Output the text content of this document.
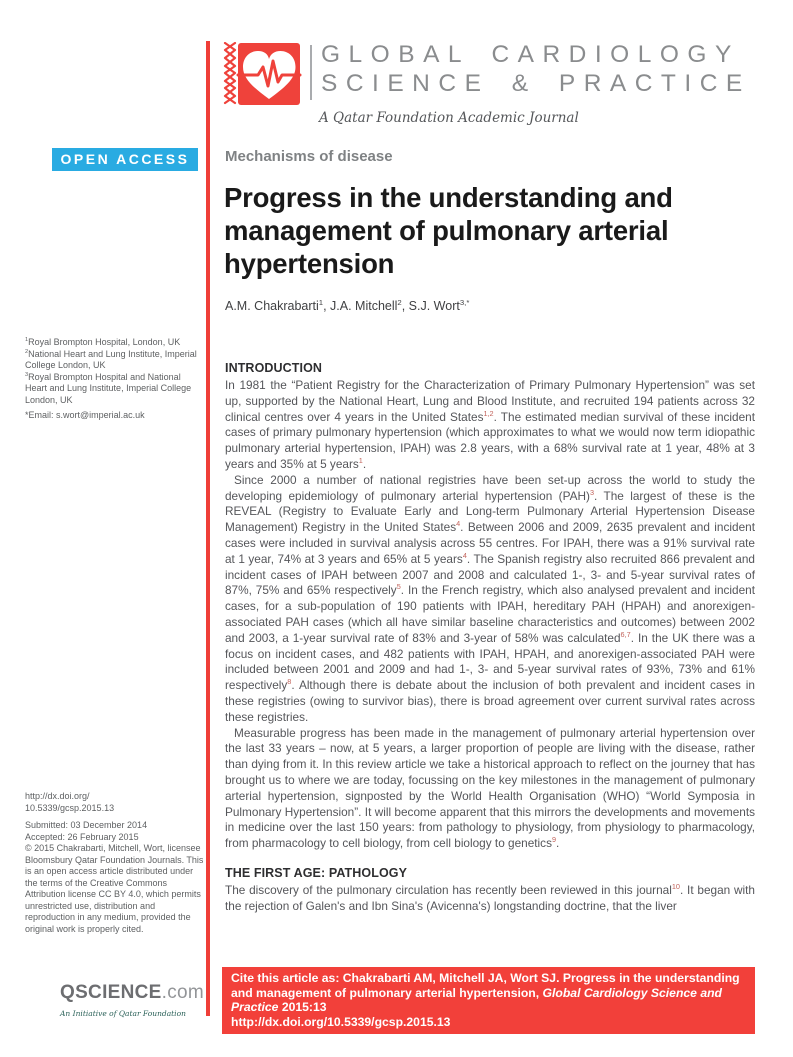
GLOBAL CARDIOLOGY
SCIENCE & PRACTICE
A Qatar Foundation Academic Journal
OPEN ACCESS	Mechanisms of disease
Progress in the understanding and management of pulmonary arterial hypertension
A.M. Chakrabarti$^1$, J.A. Mitchell$^2$, S.J. Wort$^{3,*}$
$^1$Royal Brompton Hospital, London, UK
$^2$National Heart and Lung Institute, Imperial College London, UK
$^3$Royal Brompton Hospital and National Heart and Lung Institute, Imperial College London, UK
*Email: s.wort@imperial.ac.uk
http://dx.doi.org/
10.5339/gcsp.2015.13
Submitted: 03 December 2014
Accepted: 26 February 2015
© 2015 Chakrabarti, Mitchell, Wort, licensee Bloomsbury Qatar Foundation Journals. This is an open access article distributed under the terms of the Creative Commons Attribution license CC BY 4.0, which permits unrestricted use, distribution and reproduction in any medium, provided the original work is properly cited.
QSCIENCE.com
An Initiative of Qatar Foundation
INTRODUCTION

In 1981 the “Patient Registry for the Characterization of Primary Pulmonary Hypertension” was set up, supported by the National Heart, Lung and Blood Institute, and recruited 194 patients across 32 clinical centres over 4 years in the United States$^{1,2}$. The estimated median survival of these incident cases of primary pulmonary hypertension (which approximates to what we would now term idiopathic pulmonary arterial hypertension, IPAH) was 2.8 years, with a 68% survival rate at 1 year, 48% at 3 years and 35% at 5 years$^1$.

Since 2000 a number of national registries have been set-up across the world to study the developing epidemiology of pulmonary arterial hypertension (PAH)$^3$. The largest of these is the REVEAL (Registry to Evaluate Early and Long-term Pulmonary Arterial Hypertension Disease Management) Registry in the United States$^4$. Between 2006 and 2009, 2635 prevalent and incident cases were included in survival analysis across 55 centres. For IPAH, there was a 91% survival rate at 1 year, 74% at 3 years and 65% at 5 years$^4$. The Spanish registry also recruited 866 prevalent and incident cases of IPAH between 2007 and 2008 and calculated 1-, 3- and 5-year survival rates of 87%, 75% and 65% respectively$^5$. In the French registry, which also analysed prevalent and incident cases, for a sub-population of 190 patients with IPAH, hereditary PAH (HPAH) and anorexigen-associated PAH cases (which all have similar baseline characteristics and outcomes) between 2002 and 2003, a 1-year survival rate of 83% and 3-year of 58% was calculated$^{6,7}$. In the UK there was a focus on incident cases, and 482 patients with IPAH, HPAH, and anorexigen-associated PAH were included between 2001 and 2009 and had 1-, 3- and 5-year survival rates of 93%, 73% and 61% respectively$^8$. Although there is debate about the inclusion of both prevalent and incident cases in these registries (owing to survivor bias), there is broad agreement over current survival rates across these registries.

Measurable progress has been made in the management of pulmonary arterial hypertension over the last 33 years – now, at 5 years, a larger proportion of people are living with the disease, rather than dying from it. In this review article we take a historical approach to reflect on the journey that has brought us to where we are today, focussing on the key milestones in the management of pulmonary arterial hypertension, signposted by the World Health Organisation (WHO) “World Symposia in Pulmonary Hypertension”. It will become apparent that this mirrors the developments and movements in medicine over the last 150 years: from pathology to physiology, from physiology to pharmacology, from pharmacology to cell biology, from cell biology to genetics$^9$.

THE FIRST AGE: PATHOLOGY

The discovery of the pulmonary circulation has recently been reviewed in this journal$^{10}$. It began with the rejection of Galen's and Ibn Sina's (Avicenna's) longstanding doctrine, that the liver

Cite this article as: Chakrabarti AM, Mitchell JA, Wort SJ. Progress in the understanding and management of pulmonary arterial hypertension, Global Cardiology Science and Practice 2015:13
http://dx.doi.org/10.5339/gcsp.2015.13
